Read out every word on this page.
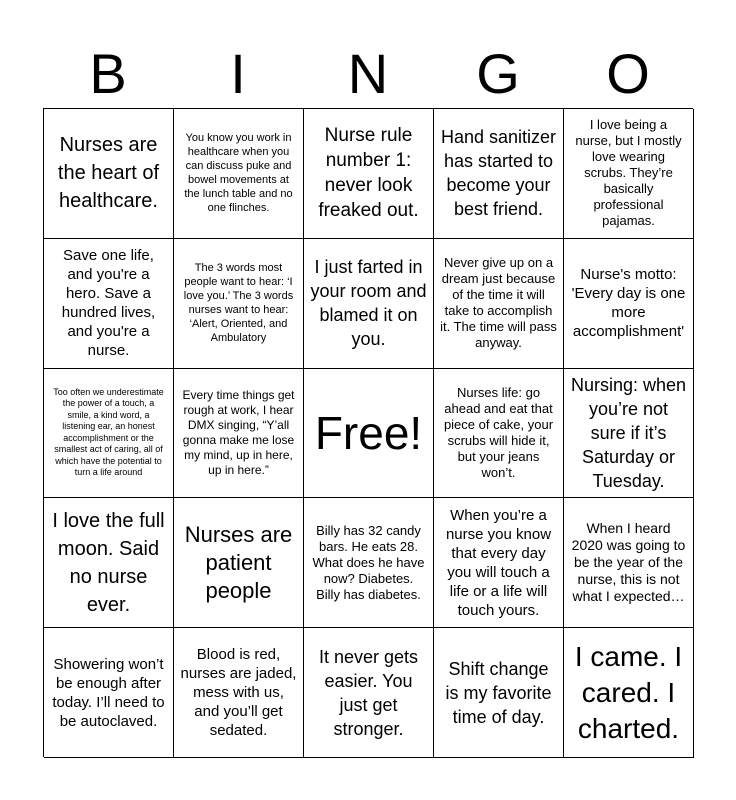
B	I	N	G	O
Nurses are the heart of healthcare.
You know you work in healthcare when you can discuss puke and bowel movements at the lunch table and no one flinches.
Nurse rule number 1: never look freaked out.
Hand sanitizer has started to become your best friend.
I love being a nurse, but I mostly love wearing scrubs. They’re basically professional pajamas.
Save one life, and you're a hero. Save a hundred lives, and you're a nurse.
The 3 words most people want to hear: ‘I love you.’ The 3 words nurses want to hear: ‘Alert, Oriented, and Ambulatory
I just farted in your room and blamed it on you.
Never give up on a dream just because of the time it will take to accomplish it. The time will pass anyway.
Nurse's motto: 'Every day is one more accomplishment'
Too often we underestimate the power of a touch, a smile, a kind word, a listening ear, an honest accomplishment or the smallest act of caring, all of which have the potential to turn a life around
Every time things get rough at work, I hear DMX singing, “Y’all gonna make me lose my mind, up in here, up in here.”
Free!
Nurses life: go ahead and eat that piece of cake, your scrubs will hide it, but your jeans won’t.
Nursing: when you’re not sure if it’s Saturday or Tuesday.
I love the full moon. Said no nurse ever.
Nurses are patient people
Billy has 32 candy bars. He eats 28. What does he have now? Diabetes. Billy has diabetes.
When you’re a nurse you know that every day you will touch a life or a life will touch yours.
When I heard 2020 was going to be the year of the nurse, this is not what I expected…
Showering won’t be enough after today. I’ll need to be autoclaved.
Blood is red, nurses are jaded, mess with us, and you’ll get sedated.
It never gets easier. You just get stronger.
Shift change is my favorite time of day.
I came. I cared. I charted.
